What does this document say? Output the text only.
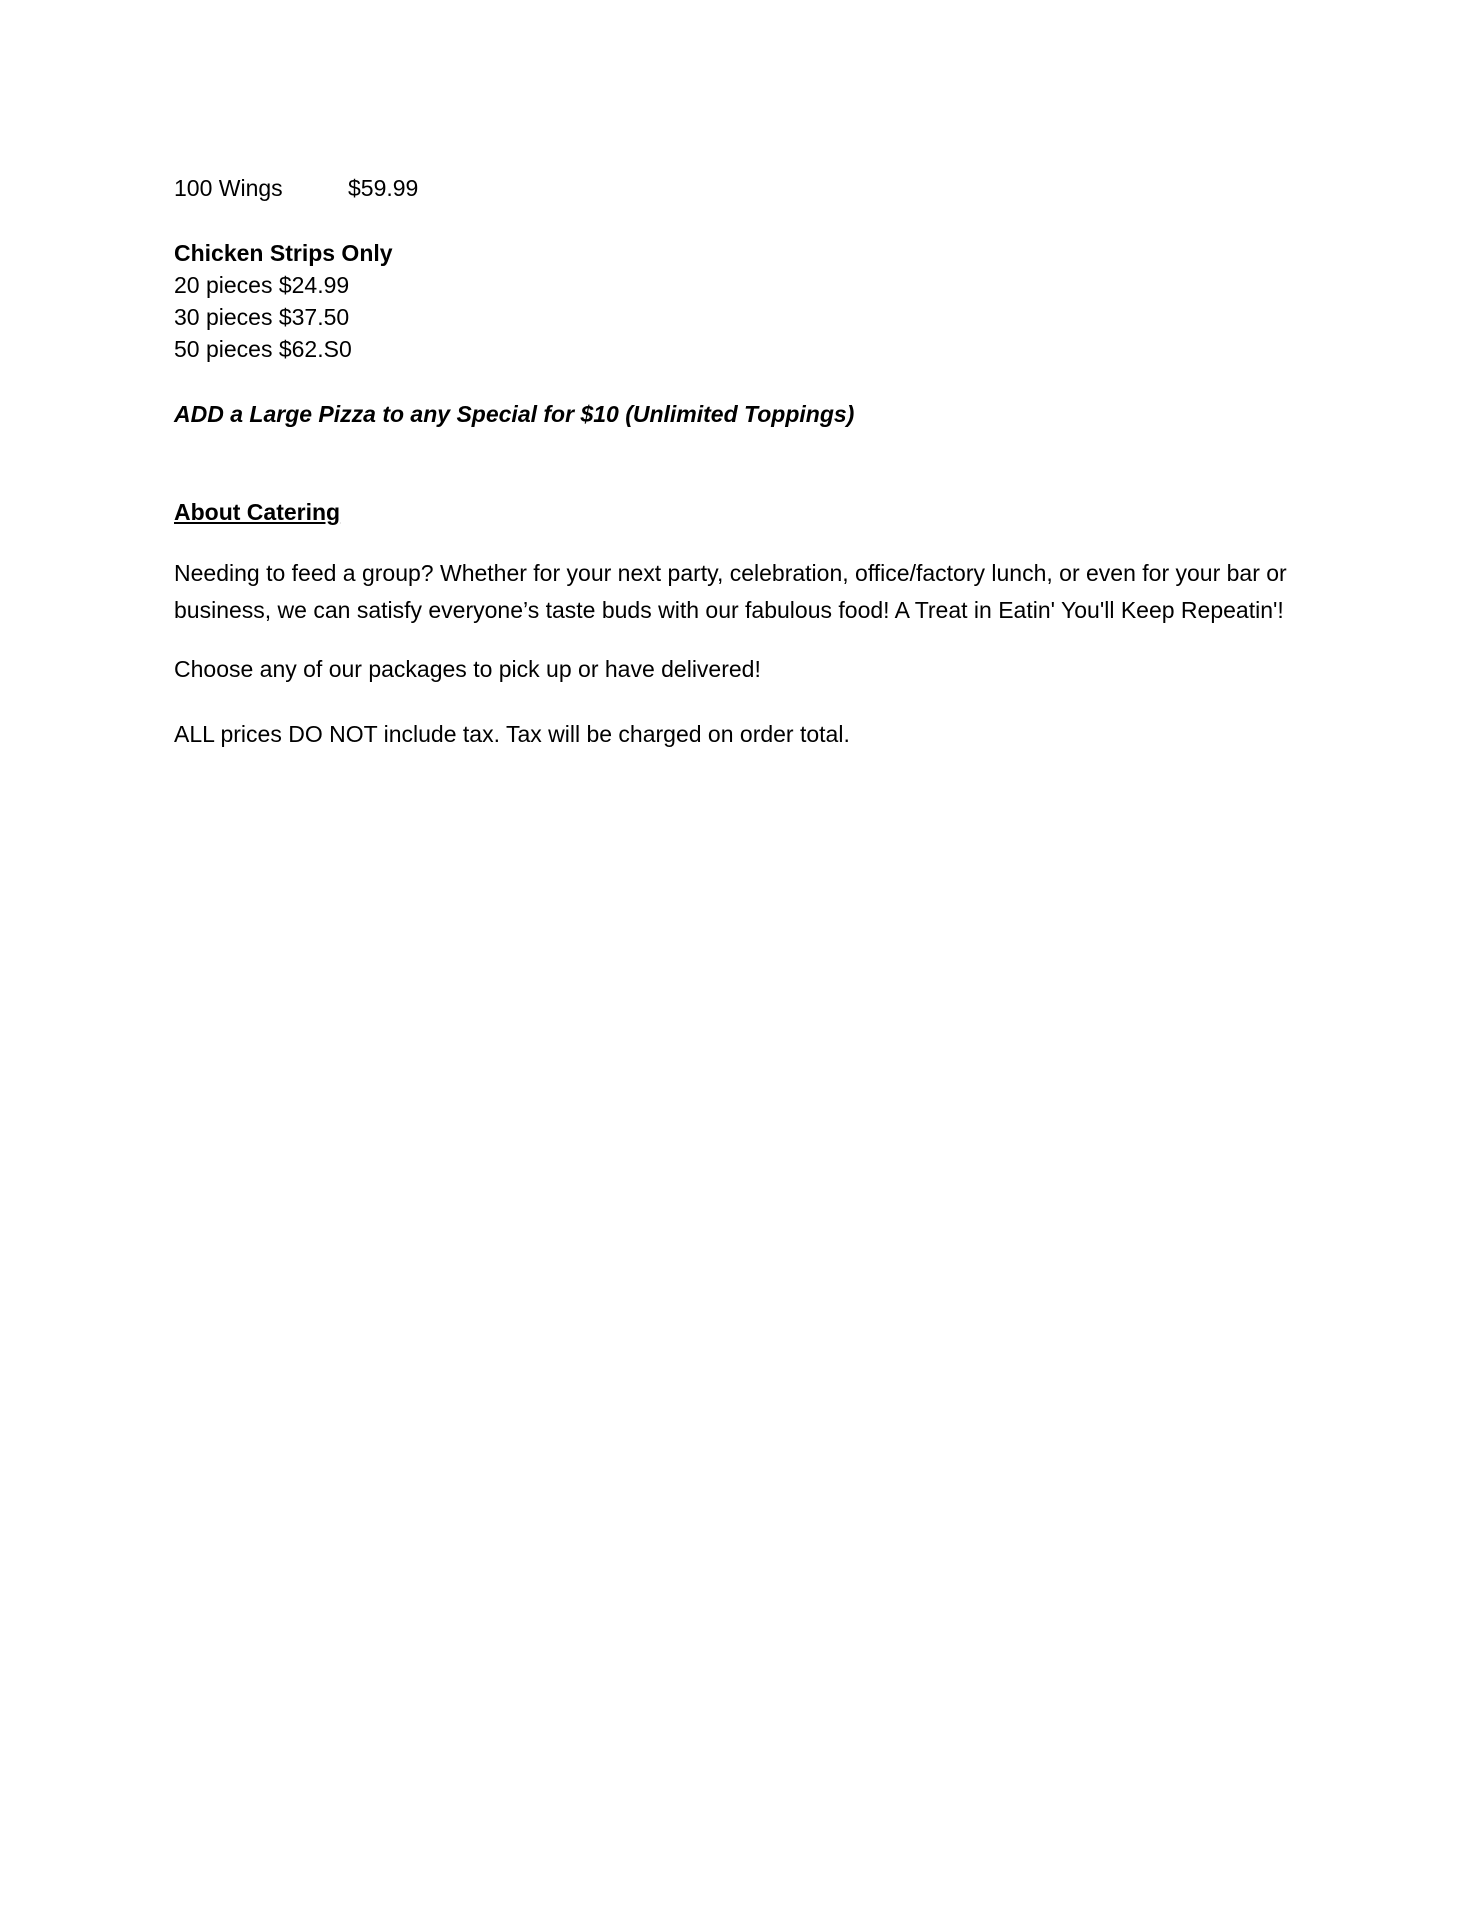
100 Wings	$59.99
Chicken Strips Only
20 pieces $24.99
30 pieces $37.50
50 pieces $62.S0
ADD a Large Pizza to any Special for $10 (Unlimited Toppings)
About Catering

Needing to feed a group? Whether for your next party, celebration, office/factory lunch, or even for your bar or business, we can satisfy everyone’s taste buds with our fabulous food! A Treat in Eatin' You'll Keep Repeatin'!

Choose any of our packages to pick up or have delivered!

ALL prices DO NOT include tax. Tax will be charged on order total.
